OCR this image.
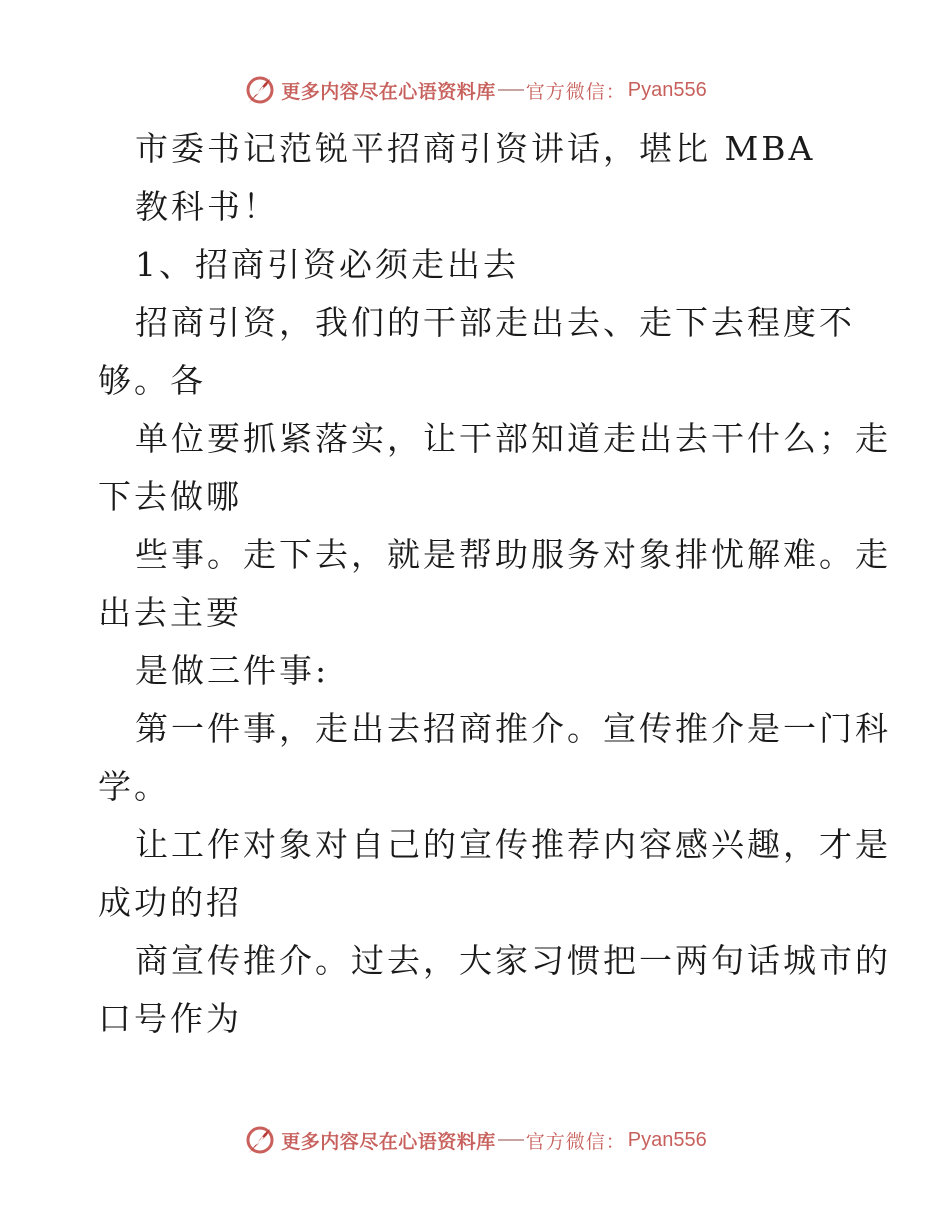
更多内容尽在心语资料库 官方微信： Pyan556
市委书记范锐平招商引资讲话，堪比 MBA
教科书！
1、招商引资必须走出去
招商引资，我们的干部走出去、走下去程度不
够。各
单位要抓紧落实，让干部知道走出去干什么；走
下去做哪
些事。走下去，就是帮助服务对象排忧解难。走
出去主要
是做三件事:
第一件事，走出去招商推介。宣传推介是一门科
学。
让工作对象对自己的宣传推荐内容感兴趣，才是
成功的招
商宣传推介。过去，大家习惯把一两句话城市的
口号作为
更多内容尽在心语资料库 官方微信： Pyan556
